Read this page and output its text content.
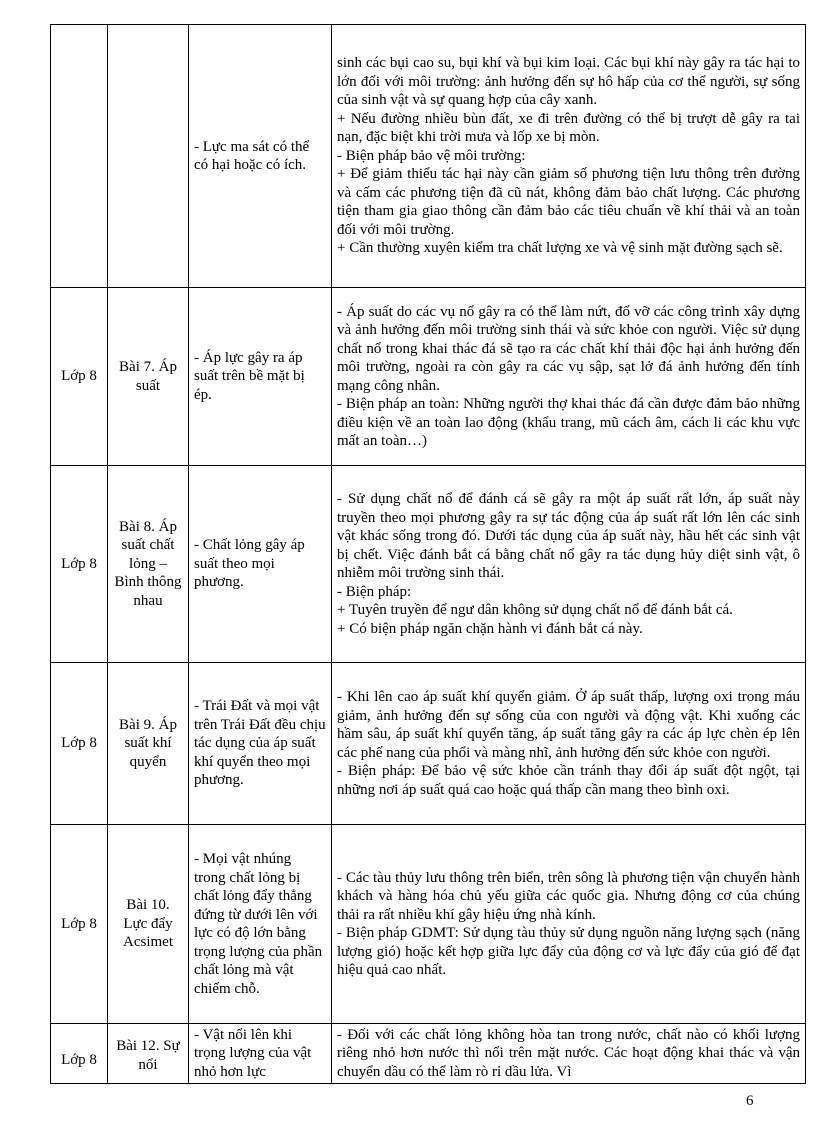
		- Lực ma sát có thể có hại hoặc có ích.	sinh các bụi cao su, bụi khí và bụi kim loại. Các bụi khí này gây ra tác hại to lớn đối với môi trường: ảnh hưởng đến sự hô hấp của cơ thể người, sự sống của sinh vật và sự quang hợp của cây xanh.
+ Nếu đường nhiều bùn đất, xe đi trên đường có thể bị trượt dễ gây ra tai nạn, đặc biệt khi trời mưa và lốp xe bị mòn.
- Biện pháp bảo vệ môi trường:
+ Để giảm thiểu tác hại này cần giảm số phương tiện lưu thông trên đường và cấm các phương tiện đã cũ nát, không đảm bảo chất lượng. Các phương tiện tham gia giao thông cần đảm bảo các tiêu chuẩn về khí thải và an toàn đối với môi trường.
+ Cần thường xuyên kiểm tra chất lượng xe và vệ sinh mặt đường sạch sẽ.

Lớp 8	Bài 7. Áp suất	- Áp lực gây ra áp suất trên bề mặt bị ép.	- Áp suất do các vụ nổ gây ra có thể làm nứt, đổ vỡ các công trình xây dựng và ảnh hưởng đến môi trường sinh thái và sức khỏe con người. Việc sử dụng chất nổ trong khai thác đá sẽ tạo ra các chất khí thải độc hại ảnh hưởng đến môi trường, ngoài ra còn gây ra các vụ sập, sạt lở đá ảnh hưởng đến tính mạng công nhân.
- Biện pháp an toàn: Những người thợ khai thác đá cần được đảm bảo những điều kiện về an toàn lao động (khẩu trang, mũ cách âm, cách li các khu vực mất an toàn…)

Lớp 8	Bài 8. Áp suất chất lỏng – Bình thông nhau	- Chất lỏng gây áp suất theo mọi phương.	- Sử dụng chất nổ để đánh cá sẽ gây ra một áp suất rất lớn, áp suất này truyền theo mọi phương gây ra sự tác động của áp suất rất lớn lên các sinh vật khác sống trong đó. Dưới tác dụng của áp suất này, hầu hết các sinh vật bị chết. Việc đánh bắt cá bằng chất nổ gây ra tác dụng hủy diệt sinh vật, ô nhiễm môi trường sinh thái.
- Biện pháp:
+ Tuyên truyền để ngư dân không sử dụng chất nổ để đánh bắt cá.
+ Có biện pháp ngăn chặn hành vi đánh bắt cá này.

Lớp 8	Bài 9. Áp suất khí quyển	- Trái Đất và mọi vật trên Trái Đất đều chịu tác dụng của áp suất khí quyển theo mọi phương.	- Khi lên cao áp suất khí quyển giảm. Ở áp suất thấp, lượng oxi trong máu giảm, ảnh hưởng đến sự sống của con người và động vật. Khi xuống các hầm sâu, áp suất khí quyển tăng, áp suất tăng gây ra các áp lực chèn ép lên các phế nang của phổi và màng nhĩ, ảnh hưởng đến sức khỏe con người.
- Biện pháp: Để bảo vệ sức khỏe cần tránh thay đổi áp suất đột ngột, tại những nơi áp suất quá cao hoặc quá thấp cần mang theo bình oxi.

Lớp 8	Bài 10. Lực đẩy Acsimet	- Mọi vật nhúng trong chất lỏng bị chất lỏng đẩy thẳng đứng từ dưới lên với lực có độ lớn bằng trọng lượng của phần chất lỏng mà vật chiếm chỗ.	- Các tàu thủy lưu thông trên biển, trên sông là phương tiện vận chuyển hành khách và hàng hóa chủ yếu giữa các quốc gia. Nhưng động cơ của chúng thải ra rất nhiều khí gây hiệu ứng nhà kính.
- Biện pháp GDMT: Sử dụng tàu thủy sử dụng nguồn năng lượng sạch (năng lượng gió) hoặc kết hợp giữa lực đẩy của động cơ và lực đẩy của gió để đạt hiệu quả cao nhất.

Lớp 8	Bài 12. Sự nổi	- Vật nổi lên khi trọng lượng của vật nhỏ hơn lực	- Đối với các chất lỏng không hòa tan trong nước, chất nào có khối lượng riêng nhỏ hơn nước thì nổi trên mặt nước. Các hoạt động khai thác và vận chuyển dầu có thể làm rò rỉ dầu lửa. Vì
6
